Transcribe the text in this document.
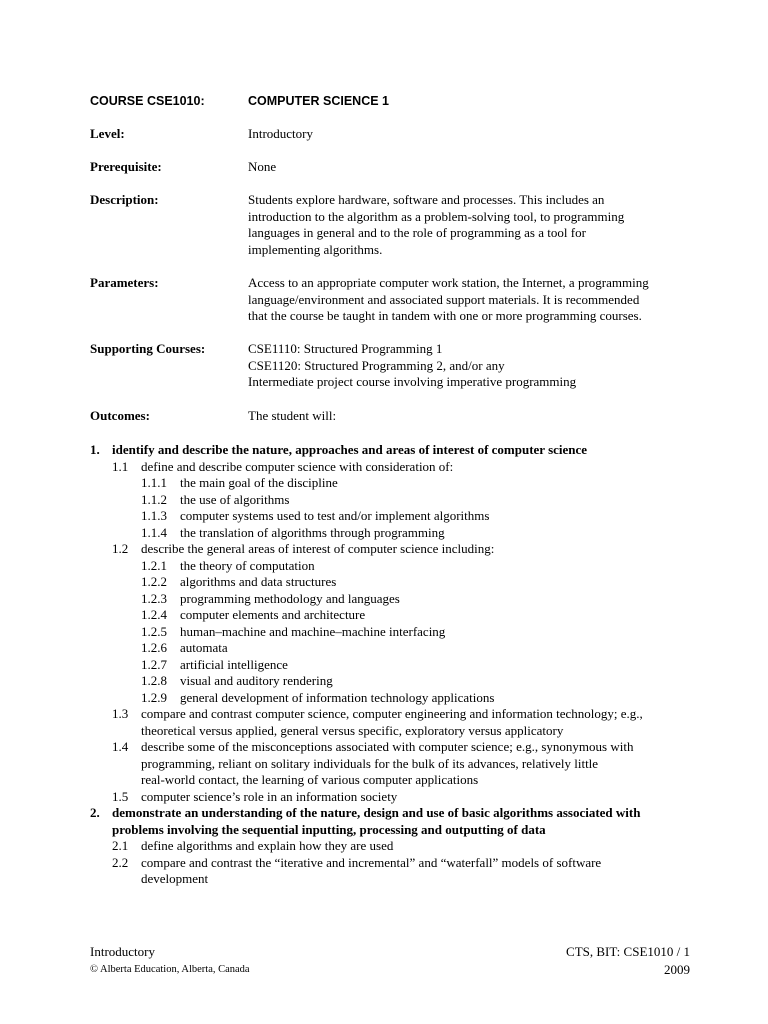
COURSE CSE1010:	COMPUTER SCIENCE 1
Level:	Introductory
Prerequisite:	None
Description:	Students explore hardware, software and processes. This includes an
introduction to the algorithm as a problem-solving tool, to programming
languages in general and to the role of programming as a tool for
implementing algorithms.
Parameters:	Access to an appropriate computer work station, the Internet, a programming
language/environment and associated support materials. It is recommended
that the course be taught in tandem with one or more programming courses.
Supporting Courses:	CSE1110: Structured Programming 1
CSE1120: Structured Programming 2, and/or any
Intermediate project course involving imperative programming
Outcomes:	The student will:
1. identify and describe the nature, approaches and areas of interest of computer science
1.1 define and describe computer science with consideration of:
1.1.1 the main goal of the discipline
1.1.2 the use of algorithms
1.1.3 computer systems used to test and/or implement algorithms
1.1.4 the translation of algorithms through programming
1.2 describe the general areas of interest of computer science including:
1.2.1 the theory of computation
1.2.2 algorithms and data structures
1.2.3 programming methodology and languages
1.2.4 computer elements and architecture
1.2.5 human–machine and machine–machine interfacing
1.2.6 automata
1.2.7 artificial intelligence
1.2.8 visual and auditory rendering
1.2.9 general development of information technology applications
1.3 compare and contrast computer science, computer engineering and information technology; e.g.,
theoretical versus applied, general versus specific, exploratory versus applicatory
1.4 describe some of the misconceptions associated with computer science; e.g., synonymous with
programming, reliant on solitary individuals for the bulk of its advances, relatively little
real-world contact, the learning of various computer applications
1.5 computer science’s role in an information society
2. demonstrate an understanding of the nature, design and use of basic algorithms associated with
problems involving the sequential inputting, processing and outputting of data
2.1 define algorithms and explain how they are used
2.2 compare and contrast the “iterative and incremental” and “waterfall” models of software
development
Introductory
© Alberta Education, Alberta, Canada
CTS, BIT: CSE1010 / 1
2009
